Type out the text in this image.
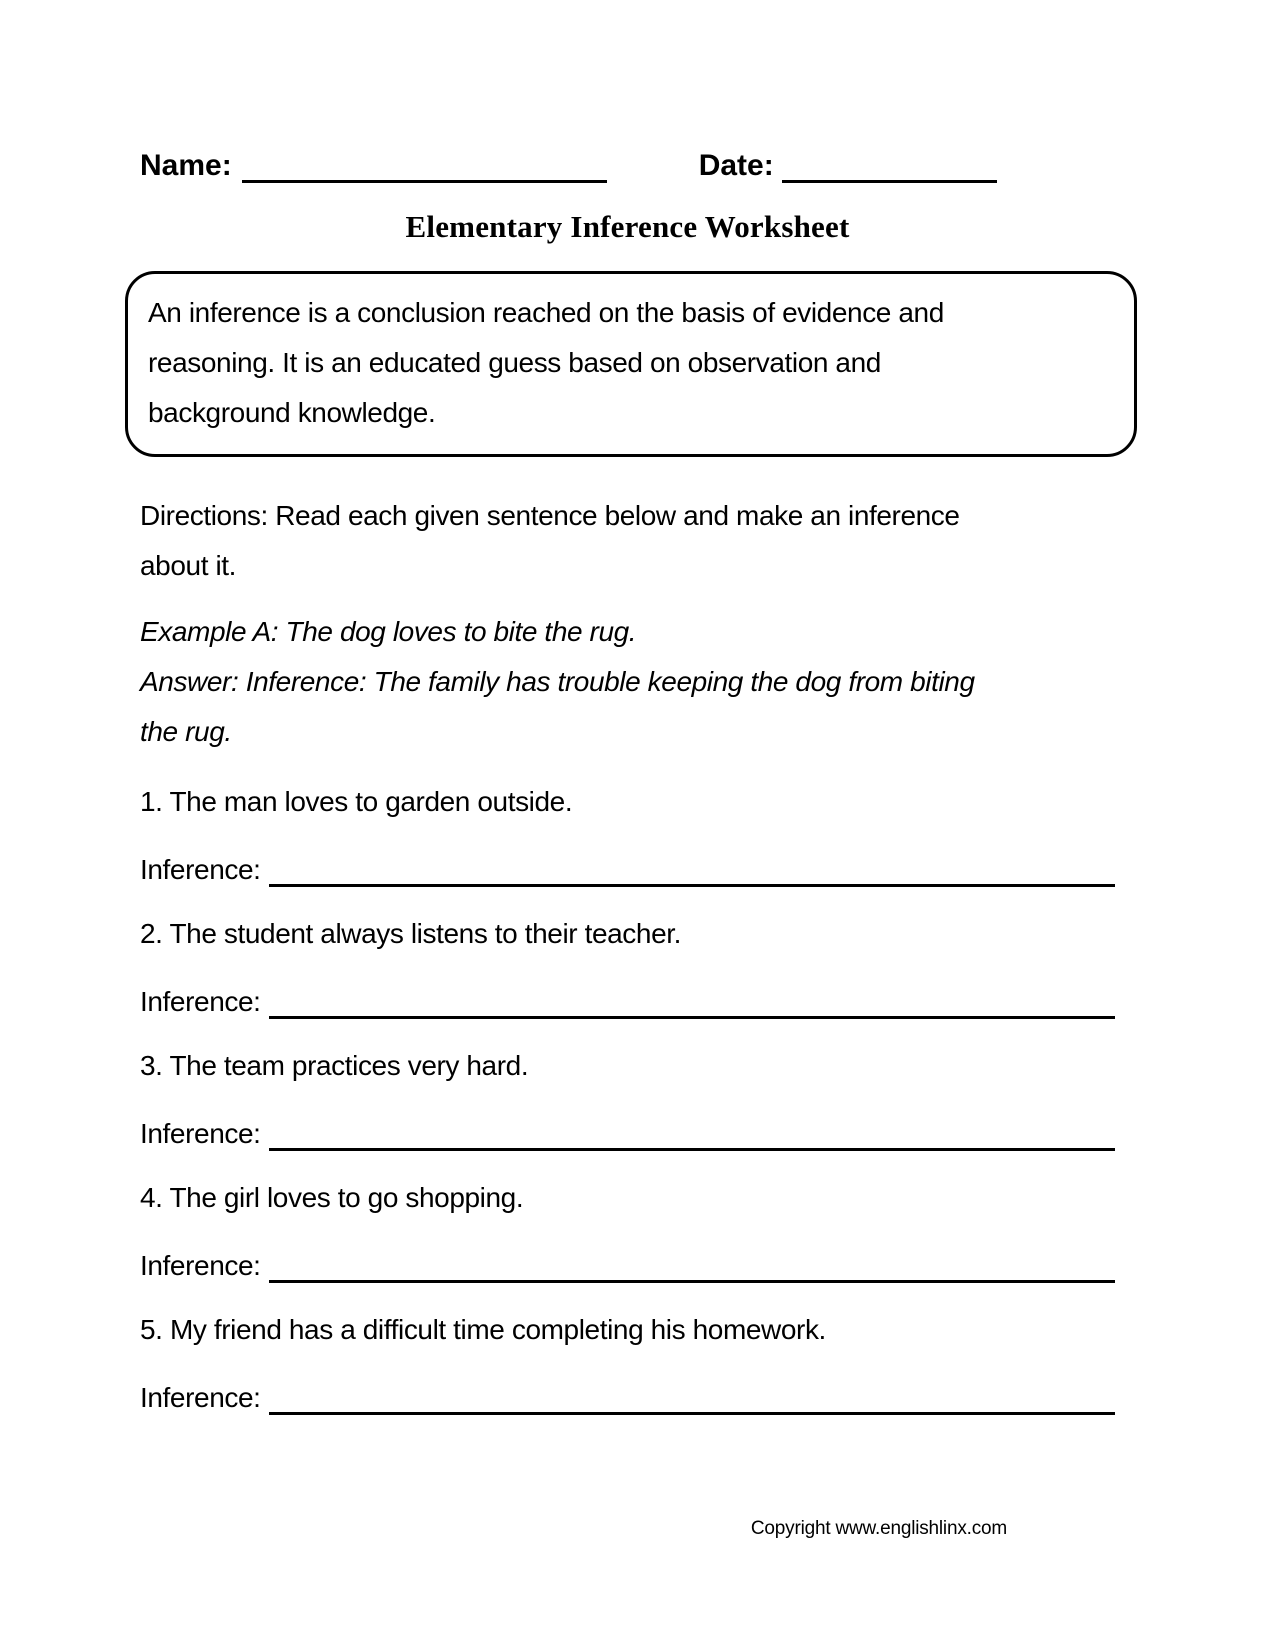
Name:	Date:
Elementary Inference Worksheet
An inference is a conclusion reached on the basis of evidence and
reasoning. It is an educated guess based on observation and
background knowledge.
Directions: Read each given sentence below and make an inference
about it.
Example A: The dog loves to bite the rug.
Answer: Inference: The family has trouble keeping the dog from biting
the rug.

1. The man loves to garden outside.

Inference:

2. The student always listens to their teacher.

Inference:

3. The team practices very hard.

Inference:

4. The girl loves to go shopping.

Inference:

5. My friend has a difficult time completing his homework.

Inference:
Copyright www.englishlinx.com
